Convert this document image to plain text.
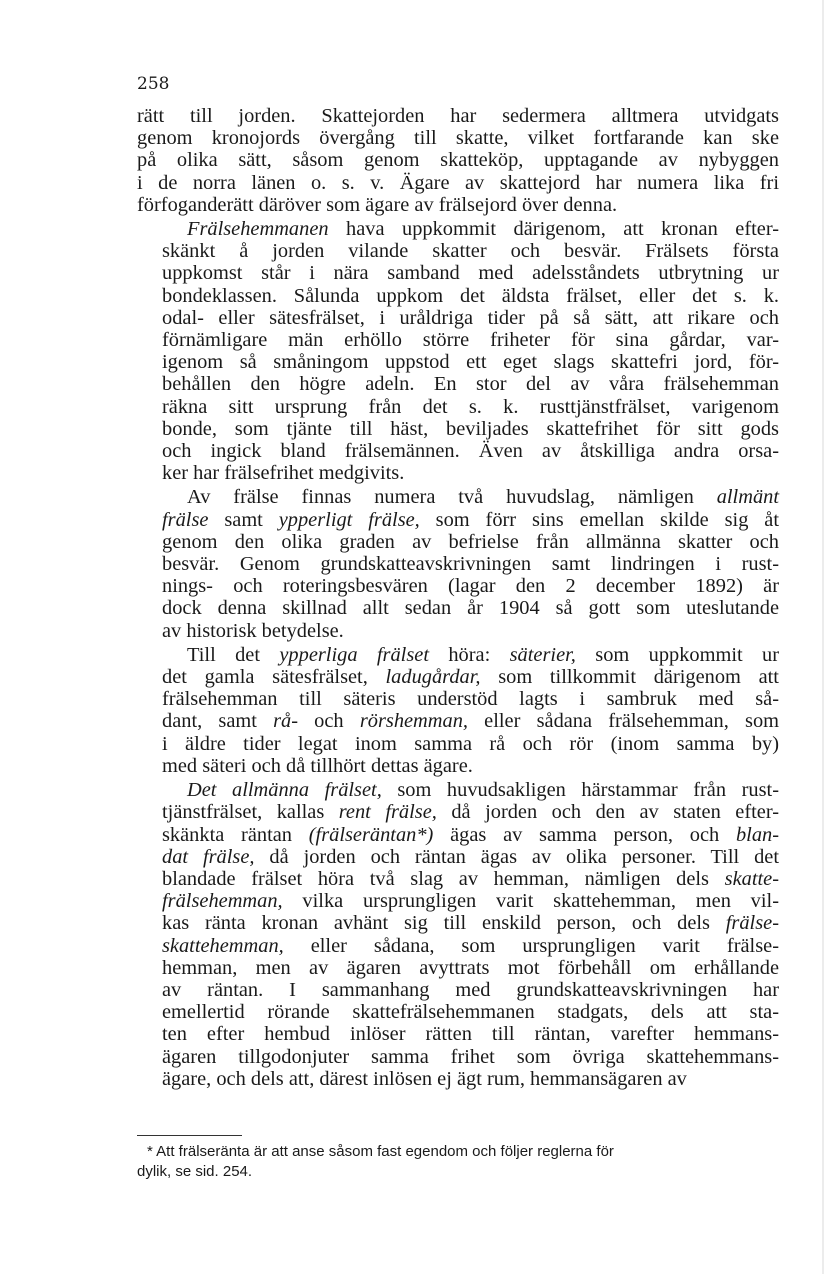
258
rätt till jorden. Skattejorden har sedermera alltmera utvidgats
genom kronojords övergång till skatte, vilket fortfarande kan ske
på olika sätt, såsom genom skatteköp, upptagande av nybyggen
i de norra länen o. s. v. Ägare av skattejord har numera lika fri
förfoganderätt däröver som ägare av frälsejord över denna.
Frälsehemmanen hava uppkommit därigenom, att kronan efter-
skänkt å jorden vilande skatter och besvär. Frälsets första
uppkomst står i nära samband med adelsståndets utbrytning ur
bondeklassen. Sålunda uppkom det äldsta frälset, eller det s. k.
odal- eller sätesfrälset, i uråldriga tider på så sätt, att rikare och
förnämligare män erhöllo större friheter för sina gårdar, var-
igenom så småningom uppstod ett eget slags skattefri jord, för-
behållen den högre adeln. En stor del av våra frälsehemman
räkna sitt ursprung från det s. k. rusttjänstfrälset, varigenom
bonde, som tjänte till häst, beviljades skattefrihet för sitt gods
och ingick bland frälsemännen. Även av åtskilliga andra orsa-
ker har frälsefrihet medgivits.
Av frälse finnas numera två huvudslag, nämligen allmänt
frälse samt ypperligt frälse, som förr sins emellan skilde sig åt
genom den olika graden av befrielse från allmänna skatter och
besvär. Genom grundskatteavskrivningen samt lindringen i rust-
nings- och roteringsbesvären (lagar den 2 december 1892) är
dock denna skillnad allt sedan år 1904 så gott som uteslutande
av historisk betydelse.
Till det ypperliga frälset höra: säterier, som uppkommit ur
det gamla sätesfrälset, ladugårdar, som tillkommit därigenom att
frälsehemman till säteris understöd lagts i sambruk med så-
dant, samt rå- och rörshemman, eller sådana frälsehemman, som
i äldre tider legat inom samma rå och rör (inom samma by)
med säteri och då tillhört dettas ägare.
Det allmänna frälset, som huvudsakligen härstammar från rust-
tjänstfrälset, kallas rent frälse, då jorden och den av staten efter-
skänkta räntan (frälseräntan*) ägas av samma person, och blan-
dat frälse, då jorden och räntan ägas av olika personer. Till det
blandade frälset höra två slag av hemman, nämligen dels skatte-
frälsehemman, vilka ursprungligen varit skattehemman, men vil-
kas ränta kronan avhänt sig till enskild person, och dels frälse-
skattehemman, eller sådana, som ursprungligen varit frälse-
hemman, men av ägaren avyttrats mot förbehåll om erhållande
av räntan. I sammanhang med grundskatteavskrivningen har
emellertid rörande skattefrälsehemmanen stadgats, dels att sta-
ten efter hembud inlöser rätten till räntan, varefter hemmans-
ägaren tillgodonjuter samma frihet som övriga skattehemmans-
ägare, och dels att, därest inlösen ej ägt rum, hemmansägaren av
* Att frälseränta är att anse såsom fast egendom och följer reglerna för
dylik, se sid. 254.
